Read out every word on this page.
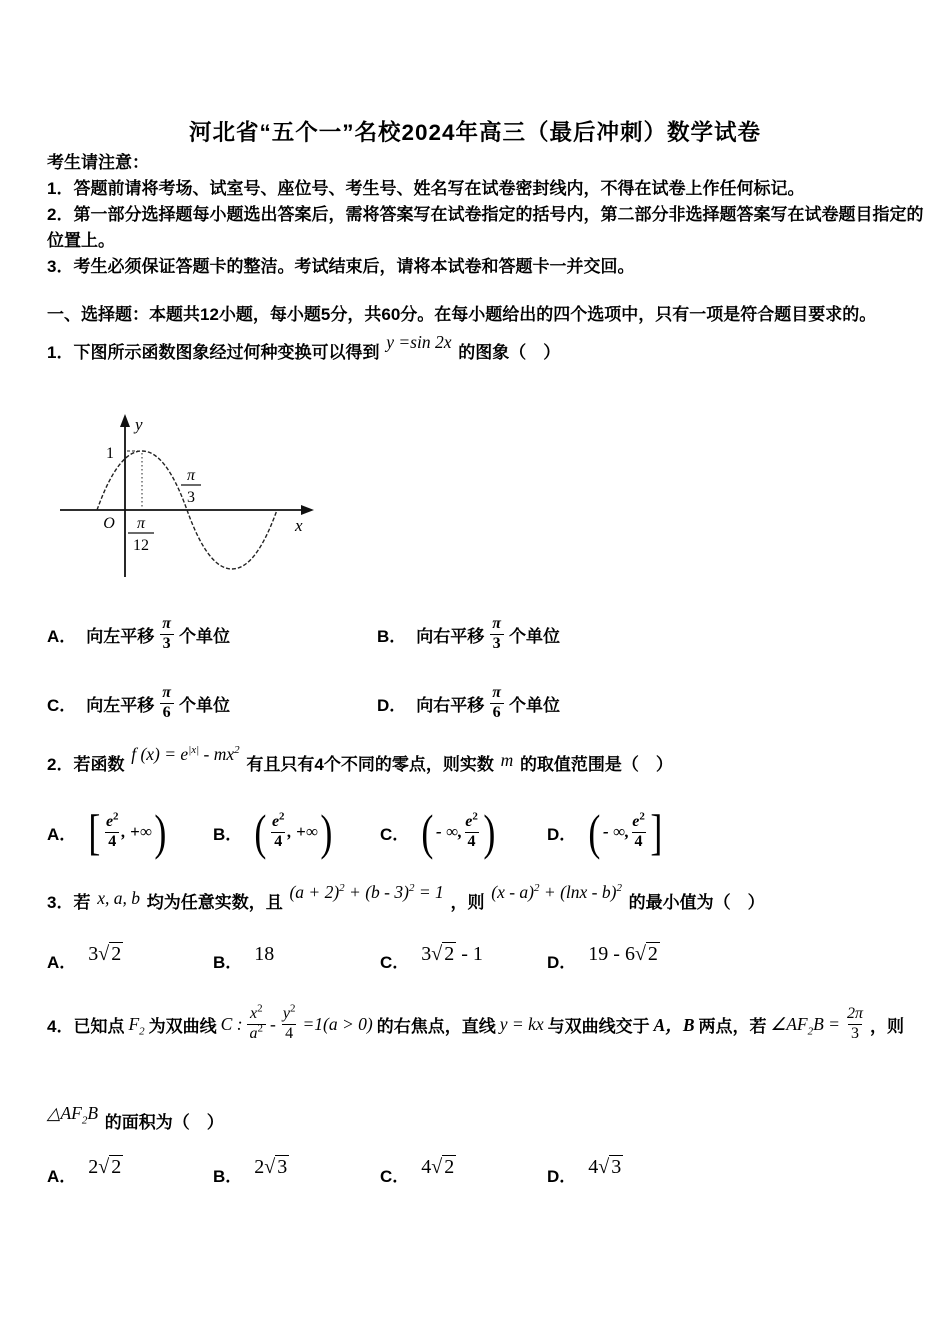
河北省“五个一”名校2024年高三（最后冲刺）数学试卷
考生请注意：
1．答题前请将考场、试室号、座位号、考生号、姓名写在试卷密封线内，不得在试卷上作任何标记。
2．第一部分选择题每小题选出答案后，需将答案写在试卷指定的括号内，第二部分非选择题答案写在试卷题目指定的位置上。
3．考生必须保证答题卡的整洁。考试结束后，请将本试卷和答题卡一并交回。
一、选择题：本题共12小题，每小题5分，共60分。在每小题给出的四个选项中，只有一项是符合题目要求的。
1．下图所示函数图象经过何种变换可以得到 y =sin 2x 的图象（　）
y
1
O	x
π
3
π
12
A． 向左平移 $\frac{\pi}{3}$ 个单位	B． 向右平移 $\frac{\pi}{3}$ 个单位
C． 向左平移 $\frac{\pi}{6}$ 个单位	D． 向右平移 $\frac{\pi}{6}$ 个单位
2．若函数 f $(x) = e^{|x|} - mx^2$ 有且只有4个不同的零点，则实数 m 的取值范围是（　）
A． [ $\frac{e^2}{4}$ , +∞ )	B． ( $\frac{e^2}{4}$ , +∞ )	C． ( - ∞, $\frac{e^2}{4}$ )	D． ( - ∞, $\frac{e^2}{4}$ ]
3．若 x, a, b 均为任意实数，且 $(a + 2)^2 + (b - 3)^2 = 1$ ，则 (x - a)$^2$ + (lnx - b)$^2$ 的最小值为（　）
A． 3√ 2	B． 18	C． 3√ 2 - 1	D． 19 - 6√ 2
4．已知点 $F_2$ 为双曲线 C : $\frac{x^2}{a^2} - \frac{y^2}{4} =1(a > 0)$ 的右焦点，直线 y = kx 与双曲线交于 A，B 两点，若 $\angle AF_2B = \frac{2\pi}{3}$ ，则
$\triangle AF_2B$ 的面积为（　）
A． 2√ 2	B． 2√ 3	C． 4√ 2	D． 4√ 3
